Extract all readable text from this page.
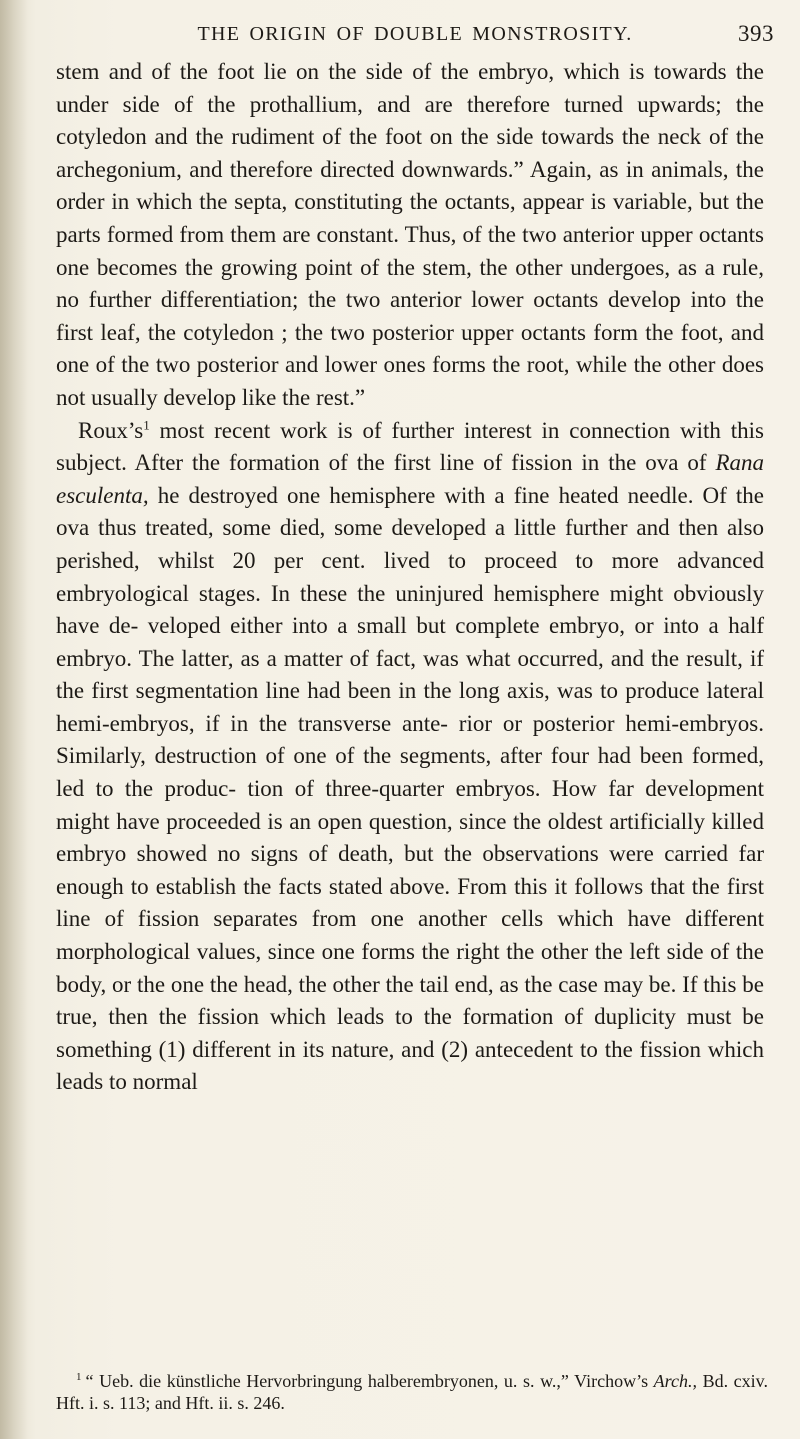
THE ORIGIN OF DOUBLE MONSTROSITY.	393

stem and of the foot lie on the side of the embryo, which is towards the under side of the prothallium, and are therefore turned upwards; the cotyledon and the rudiment of the foot on the side towards the neck of the archegonium, and therefore directed downwards.” Again, as in animals, the order in which the septa, constituting the octants, appear is variable, but the parts formed from them are constant. Thus, of the two anterior upper octants one becomes the growing point of the stem, the other undergoes, as a rule, no further differentiation; the two anterior lower octants develop into the first leaf, the cotyledon ; the two posterior upper octants form the foot, and one of the two posterior and lower ones forms the root, while the other does not usually develop like the rest.”

Roux’s$^1$ most recent work is of further interest in connection with this subject. After the formation of the first line of fission in the ova of Rana esculenta, he destroyed one hemisphere with a fine heated needle. Of the ova thus treated, some died, some developed a little further and then also perished, whilst 20 per cent. lived to proceed to more advanced embryological stages. In these the uninjured hemisphere might obviously have de- veloped either into a small but complete embryo, or into a half embryo. The latter, as a matter of fact, was what occurred, and the result, if the first segmentation line had been in the long axis, was to produce lateral hemi-embryos, if in the transverse ante- rior or posterior hemi-embryos. Similarly, destruction of one of the segments, after four had been formed, led to the produc- tion of three-quarter embryos. How far development might have proceeded is an open question, since the oldest artificially killed embryo showed no signs of death, but the observations were carried far enough to establish the facts stated above. From this it follows that the first line of fission separates from one another cells which have different morphological values, since one forms the right the other the left side of the body, or the one the head, the other the tail end, as the case may be. If this be true, then the fission which leads to the formation of duplicity must be something (1) different in its nature, and (2) antecedent to the fission which leads to normal

$^1$ “ Ueb. die künstliche Hervorbringung halberembryonen, u. s. w.,” Virchow’s Arch., Bd. cxiv. Hft. i. s. 113; and Hft. ii. s. 246.
